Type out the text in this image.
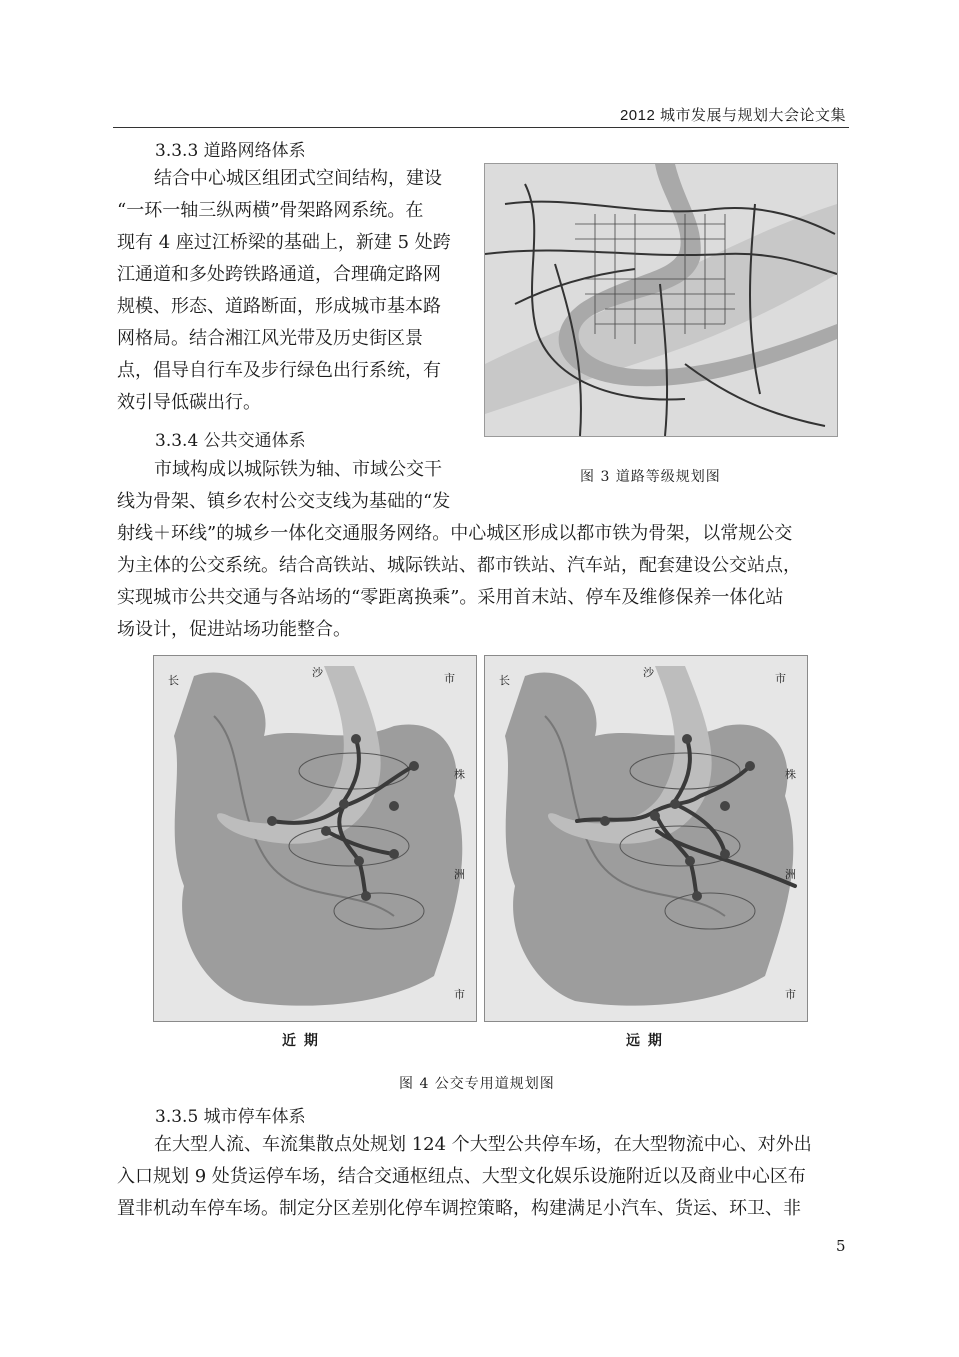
2012 城市发展与规划大会论文集
3.3.3 道路网络体系
结合中心城区组团式空间结构，建设
“一环一轴三纵两横”骨架路网系统。在
现有 4 座过江桥梁的基础上，新建 5 处跨
江通道和多处跨铁路通道，合理确定路网
规模、形态、道路断面，形成城市基本路
网格局。结合湘江风光带及历史街区景
点，倡导自行车及步行绿色出行系统，有
效引导低碳出行。
3.3.4 公共交通体系
市域构成以城际铁为轴、市域公交干
线为骨架、镇乡农村公交支线为基础的“发
射线＋环线”的城乡一体化交通服务网络。中心城区形成以都市铁为骨架，以常规公交
为主体的公交系统。结合高铁站、城际铁站、都市铁站、汽车站，配套建设公交站点，
实现城市公共交通与各站场的“零距离换乘”。采用首末站、停车及维修保养一体化站
场设计，促进站场功能整合。
图 3 道路等级规划图
长
沙	市
株
洲
市
近 期
长
沙	市
株
洲
市
远 期
图 4 公交专用道规划图
3.3.5 城市停车体系
在大型人流、车流集散点处规划 124 个大型公共停车场，在大型物流中心、对外出
入口规划 9 处货运停车场，结合交通枢纽点、大型文化娱乐设施附近以及商业中心区布
置非机动车停车场。制定分区差别化停车调控策略，构建满足小汽车、货运、环卫、非
5
